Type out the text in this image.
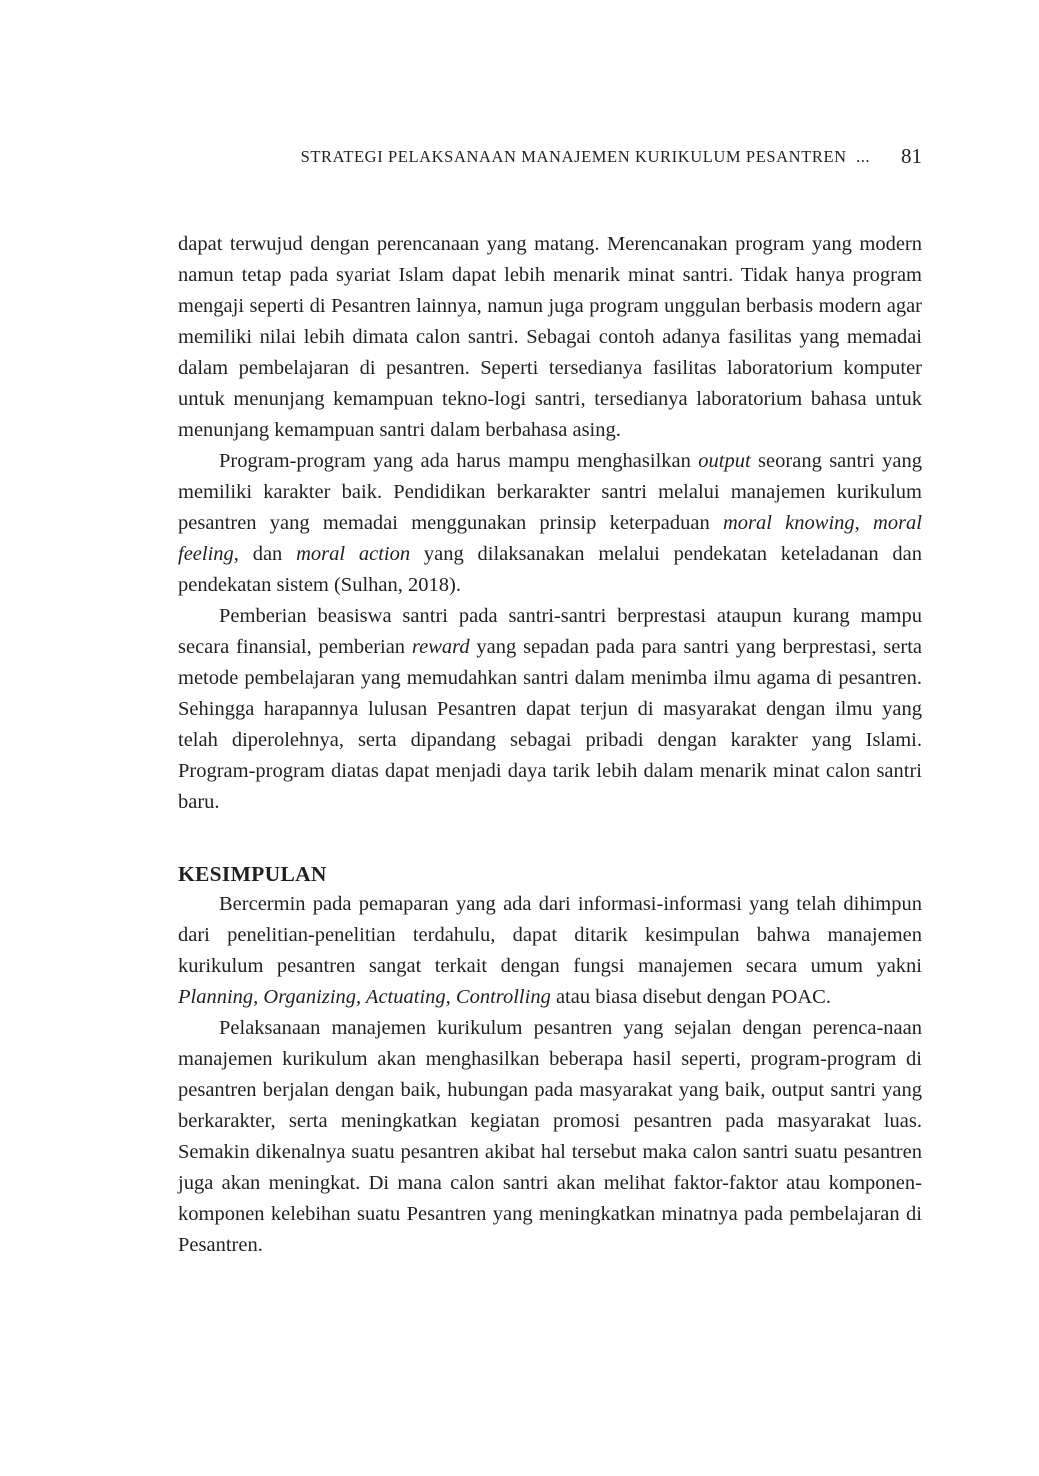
STRATEGI PELAKSANAAN MANAJEMEN KURIKULUM PESANTREN ... 81

dapat terwujud dengan perencanaan yang matang. Merencanakan program yang modern namun tetap pada syariat Islam dapat lebih menarik minat santri. Tidak hanya program mengaji seperti di Pesantren lainnya, namun juga program unggulan berbasis modern agar memiliki nilai lebih dimata calon santri. Sebagai contoh adanya fasilitas yang memadai dalam pembelajaran di pesantren. Seperti tersedianya fasilitas laboratorium komputer untuk menunjang kemampuan tekno-logi santri, tersedianya laboratorium bahasa untuk menunjang kemampuan santri dalam berbahasa asing.

Program-program yang ada harus mampu menghasilkan output seorang santri yang memiliki karakter baik. Pendidikan berkarakter santri melalui manajemen kurikulum pesantren yang memadai menggunakan prinsip keterpaduan moral knowing, moral feeling, dan moral action yang dilaksanakan melalui pendekatan keteladanan dan pendekatan sistem (Sulhan, 2018).

Pemberian beasiswa santri pada santri-santri berprestasi ataupun kurang mampu secara finansial, pemberian reward yang sepadan pada para santri yang berprestasi, serta metode pembelajaran yang memudahkan santri dalam menimba ilmu agama di pesantren. Sehingga harapannya lulusan Pesantren dapat terjun di masyarakat dengan ilmu yang telah diperolehnya, serta dipandang sebagai pribadi dengan karakter yang Islami. Program-program diatas dapat menjadi daya tarik lebih dalam menarik minat calon santri baru.

KESIMPULAN

Bercermin pada pemaparan yang ada dari informasi-informasi yang telah dihimpun dari penelitian-penelitian terdahulu, dapat ditarik kesimpulan bahwa manajemen kurikulum pesantren sangat terkait dengan fungsi manajemen secara umum yakni Planning, Organizing, Actuating, Controlling atau biasa disebut dengan POAC.

Pelaksanaan manajemen kurikulum pesantren yang sejalan dengan perenca-naan manajemen kurikulum akan menghasilkan beberapa hasil seperti, program-program di pesantren berjalan dengan baik, hubungan pada masyarakat yang baik, output santri yang berkarakter, serta meningkatkan kegiatan promosi pesantren pada masyarakat luas. Semakin dikenalnya suatu pesantren akibat hal tersebut maka calon santri suatu pesantren juga akan meningkat. Di mana calon santri akan melihat faktor-faktor atau komponen-komponen kelebihan suatu Pesantren yang meningkatkan minatnya pada pembelajaran di Pesantren.
